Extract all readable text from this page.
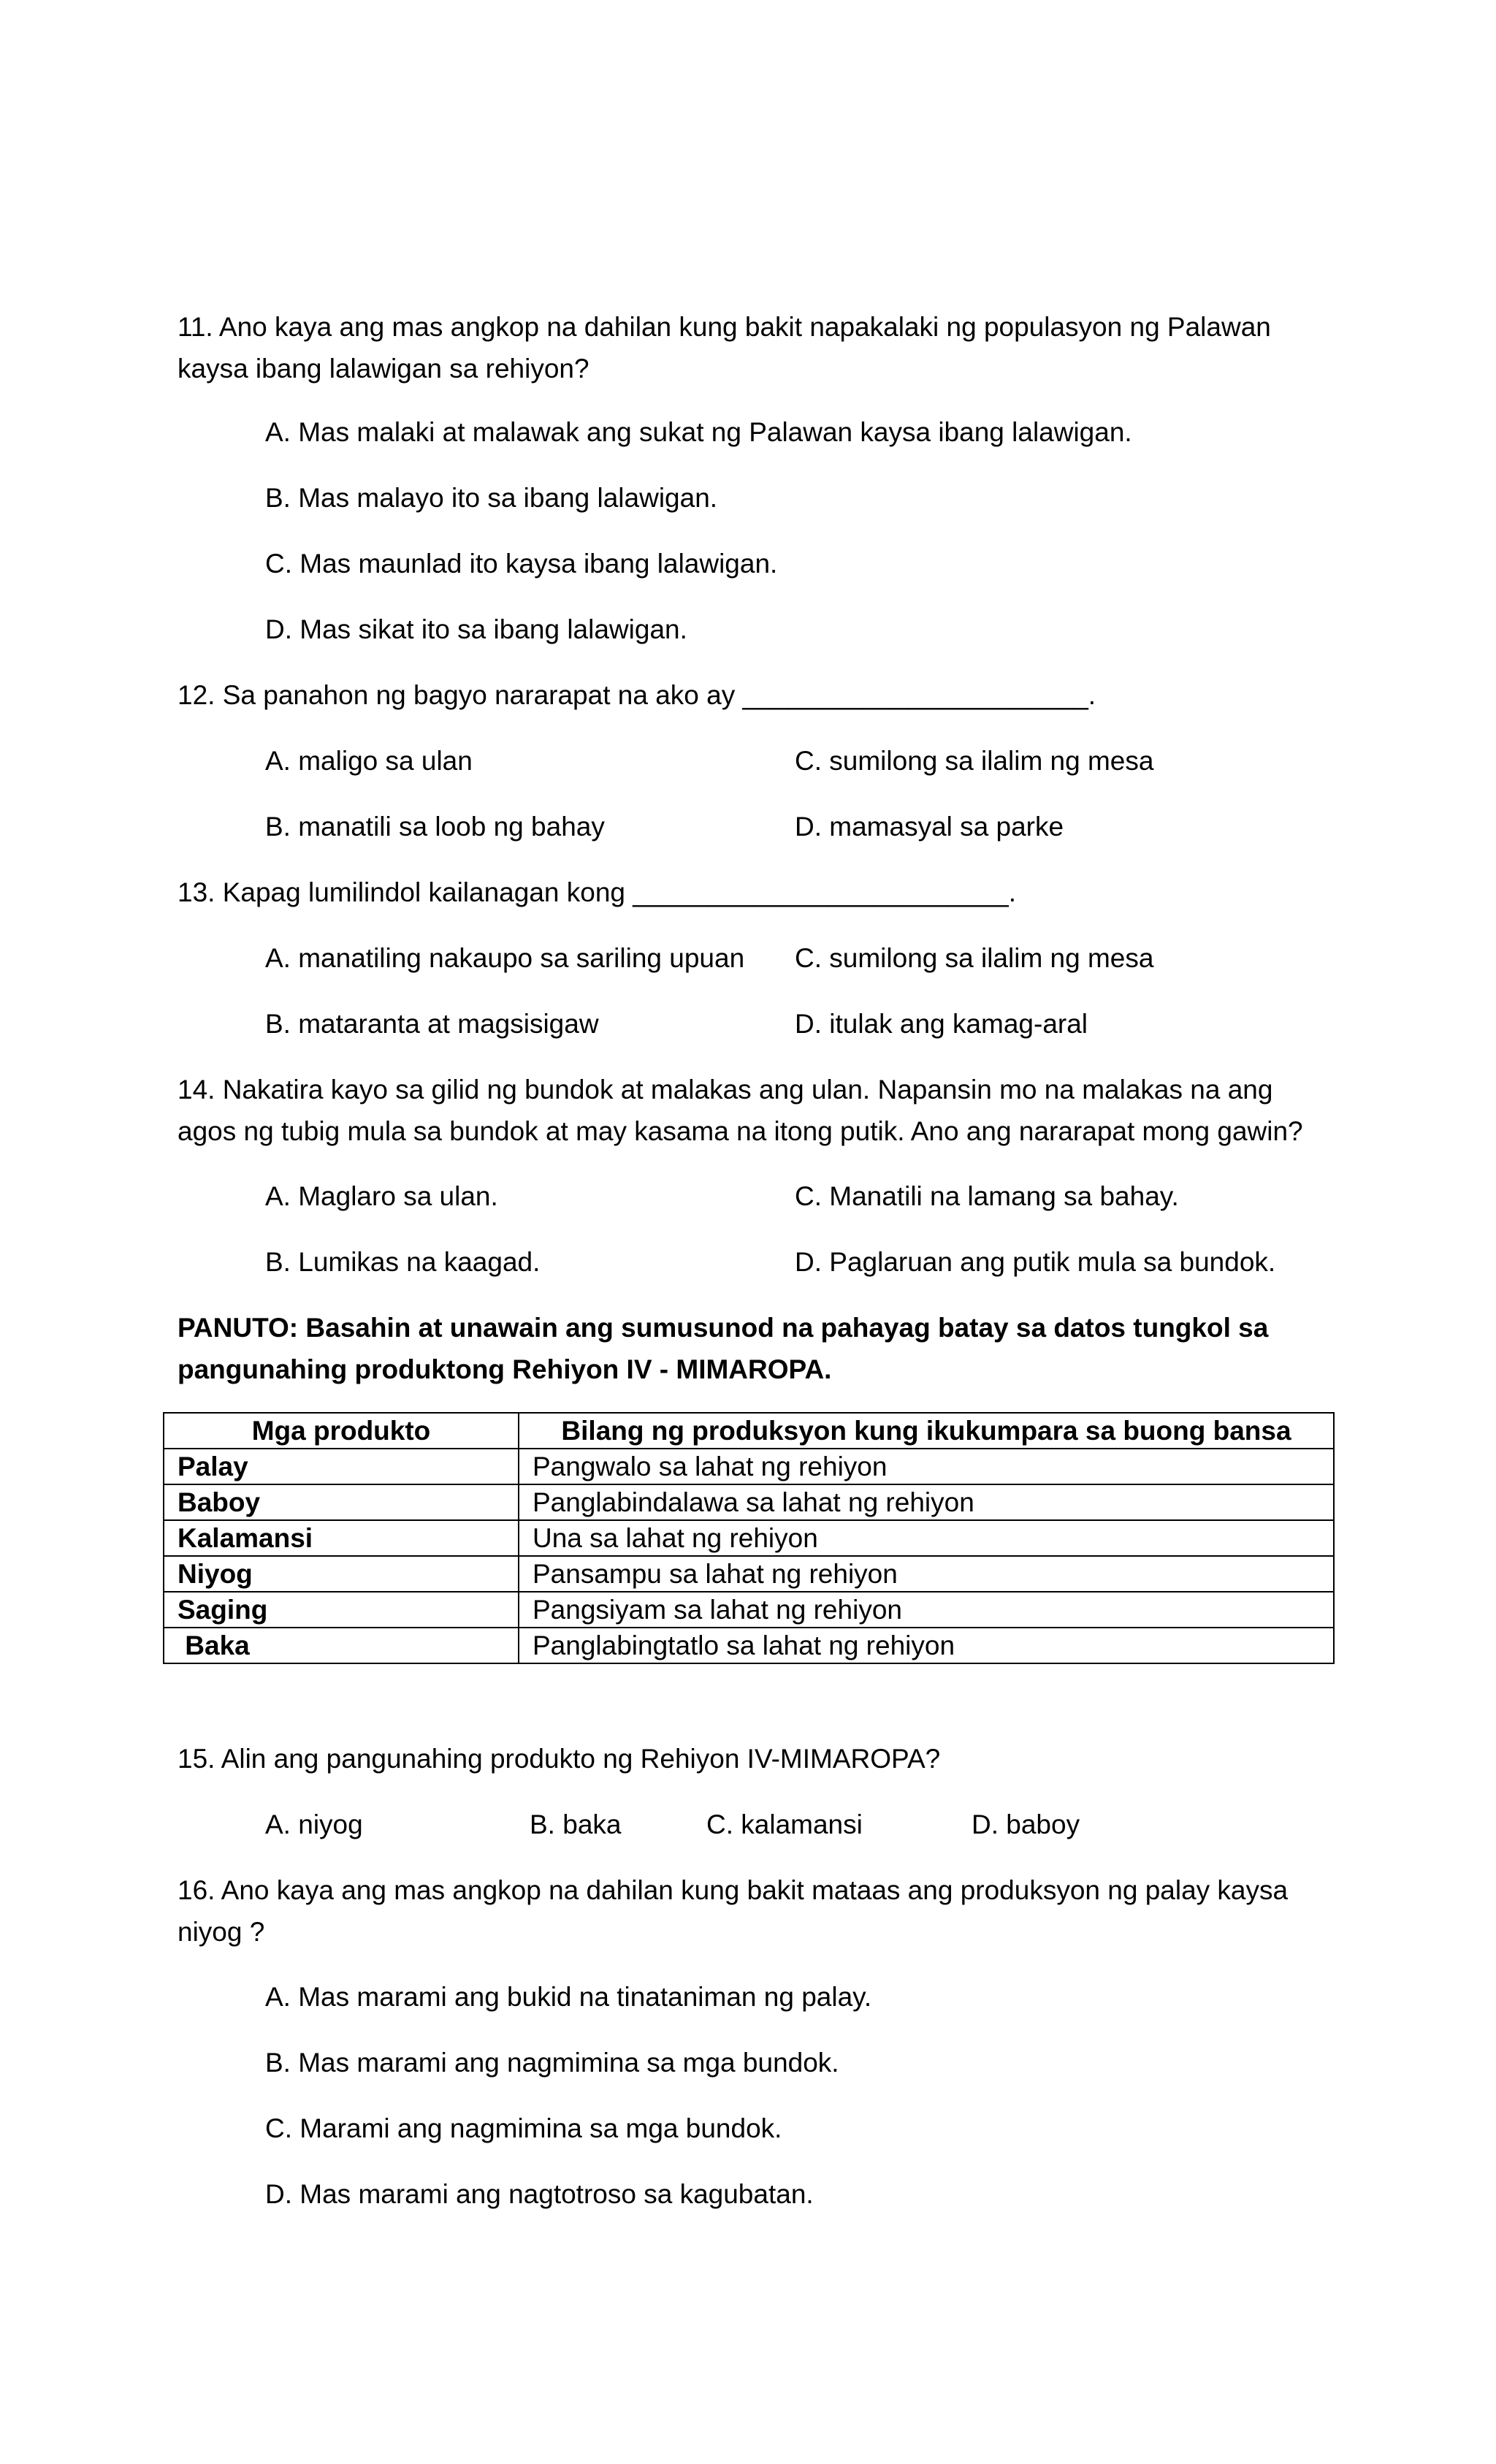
11. Ano kaya ang mas angkop na dahilan kung bakit napakalaki ng populasyon ng Palawan kaysa ibang lalawigan sa rehiyon?

A. Mas malaki at malawak ang sukat ng Palawan kaysa ibang lalawigan.

B. Mas malayo ito sa ibang lalawigan.

C. Mas maunlad ito kaysa ibang lalawigan.

D. Mas sikat ito sa ibang lalawigan.

12. Sa panahon ng bagyo nararapat na ako ay _______________________.

A. maligo sa ulan	C. sumilong sa ilalim ng mesa

B. manatili sa loob ng bahay	D. mamasyal sa parke

13. Kapag lumilindol kailanagan kong _________________________.

A. manatiling nakaupo sa sariling upuan C. sumilong sa ilalim ng mesa

B. mataranta at magsisigaw	D. itulak ang kamag-aral

14. Nakatira kayo sa gilid ng bundok at malakas ang ulan. Napansin mo na malakas na ang agos ng tubig mula sa bundok at may kasama na itong putik. Ano ang nararapat mong gawin?

A. Maglaro sa ulan.	C. Manatili na lamang sa bahay.

B. Lumikas na kaagad.	D. Paglaruan ang putik mula sa bundok.

PANUTO: Basahin at unawain ang sumusunod na pahayag batay sa datos tungkol sa pangunahing produktong Rehiyon IV - MIMAROPA.

Mga produkto	Bilang ng produksyon kung ikukumpara sa buong bansa
Palay	Pangwalo sa lahat ng rehiyon
Baboy	Panglabindalawa sa lahat ng rehiyon
Kalamansi	Una sa lahat ng rehiyon
Niyog	Pansampu sa lahat ng rehiyon
Saging	Pangsiyam sa lahat ng rehiyon
Baka	Panglabingtatlo sa lahat ng rehiyon

15. Alin ang pangunahing produkto ng Rehiyon IV-MIMAROPA?

A. niyog	B. baka	C. kalamansi	D. baboy

16. Ano kaya ang mas angkop na dahilan kung bakit mataas ang produksyon ng palay kaysa niyog ?

A. Mas marami ang bukid na tinataniman ng palay.

B. Mas marami ang nagmimina sa mga bundok.

C. Marami ang nagmimina sa mga bundok.

D. Mas marami ang nagtotroso sa kagubatan.
